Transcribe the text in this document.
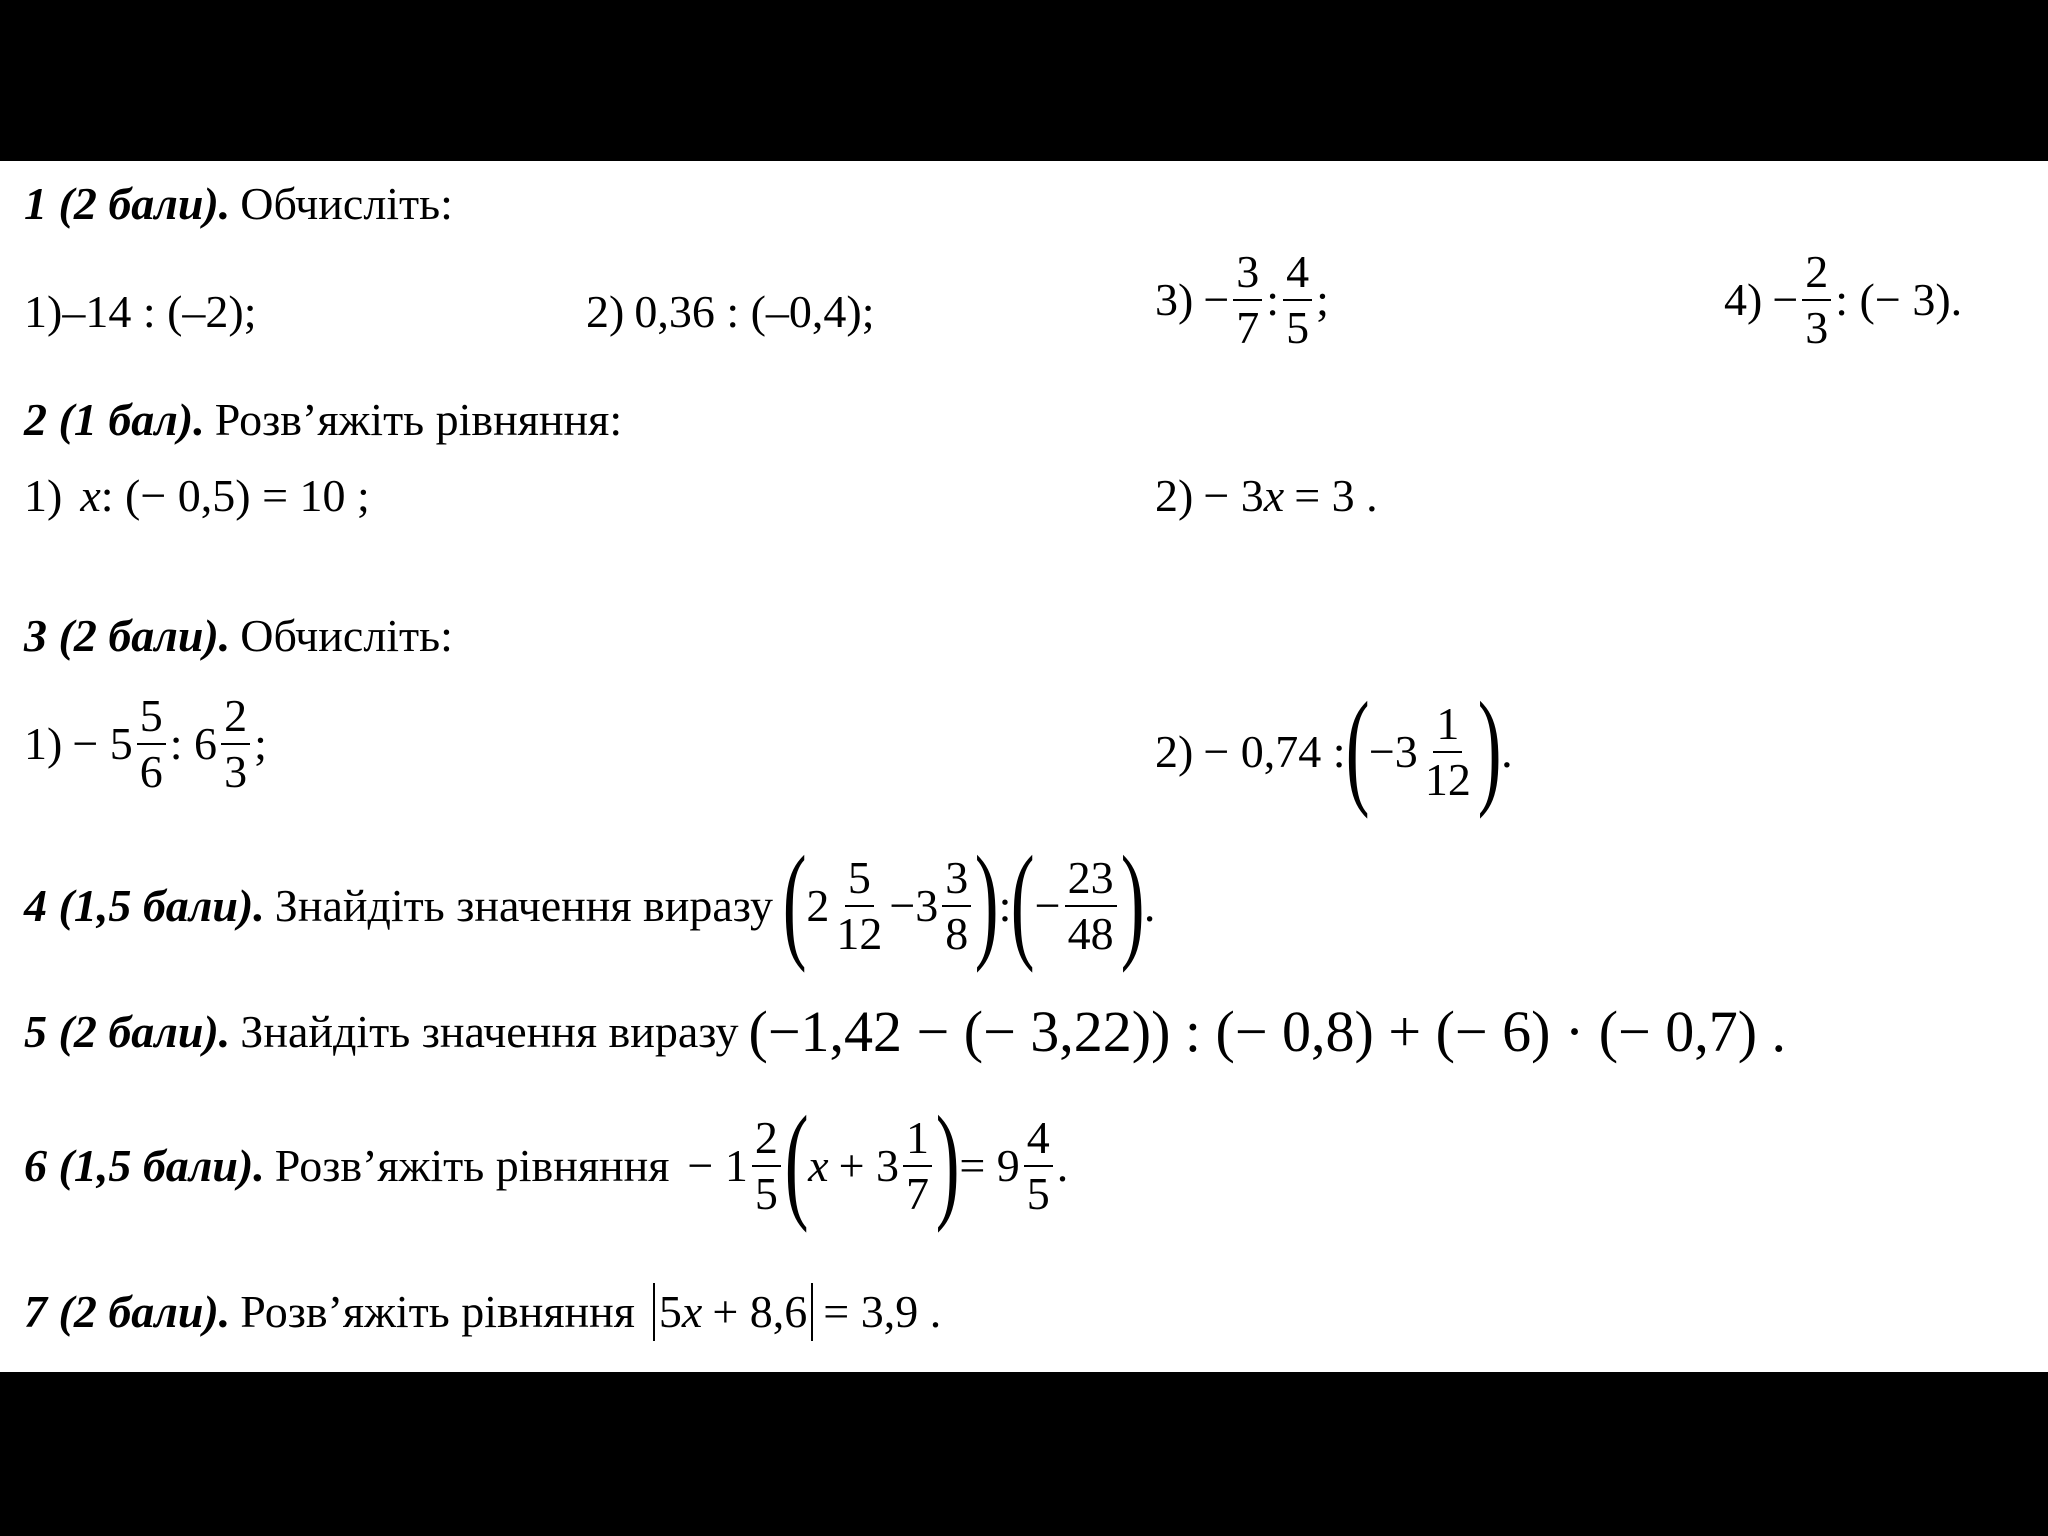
1 (2 бали). Обчисліть:
1) –14 : (–2);	2) 0,36 : (–0,4);	$3) - \frac{3}{7}$ : $\frac{4}{5}$ ;	$4) - \frac{2}{3}$ : (− 3).
2 (1 бал). Розв’яжіть рівняння:
1) x : (− 0,5) = 10 ;	2) − 3 x = 3 .
3 (2 бали). Обчисліть:
$1) - 5 \frac{5}{6}$ : $6 \frac{2}{3}$ ;	2) − 0,74 : ( $-3 \frac{1}{12}$ ) .
4 (1,5 бали). Знайдіть значення виразу ( $2 \frac{5}{12} -3 \frac{3}{8}$ ) : ( − $\frac{23}{48}$ ) .
5 (2 бали). Знайдіть значення виразу (−1,42 − (− 3,22)) : (− 0,8) + (− 6) · (− 0,7) .
6 (1,5 бали). Розв’яжіть рівняння − $1 \frac{2}{5}$ ( $x + 3 \frac{1}{7}$ ) = $9 \frac{4}{5}$ .
7 (2 бали). Розв’яжіть рівняння 5 x + 8,6 = 3,9 .
